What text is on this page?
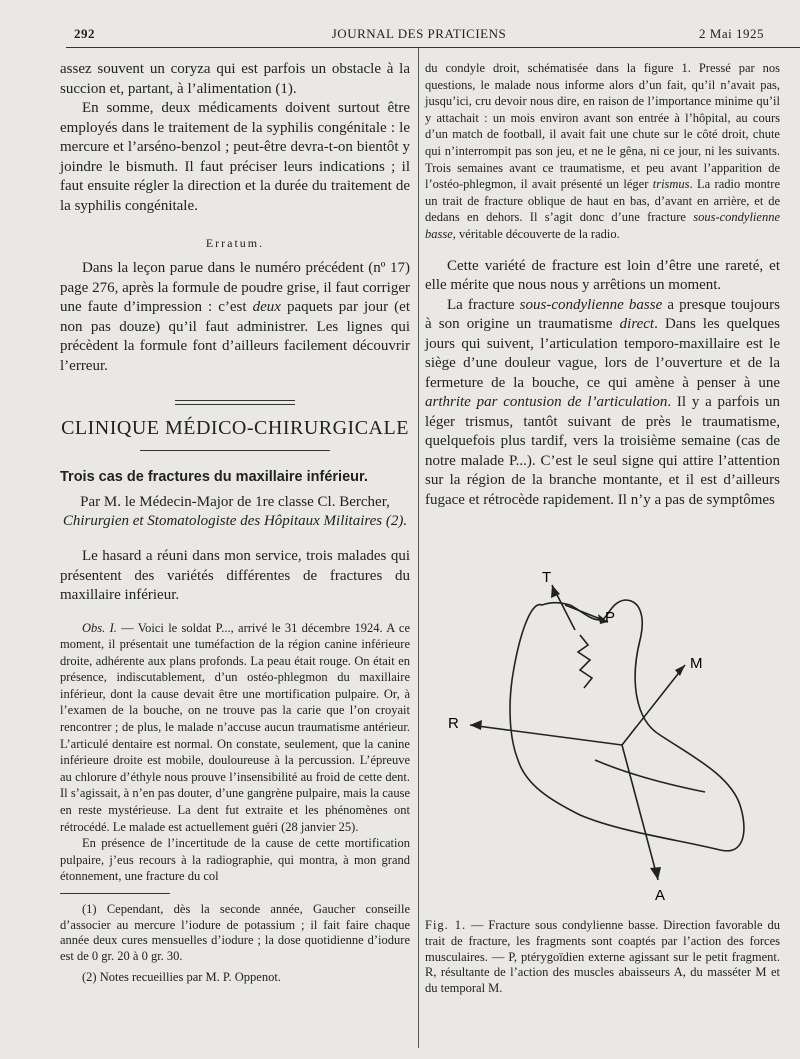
292	JOURNAL DES PRATICIENS	2 Mai 1925

assez souvent un coryza qui est parfois un obstacle à la succion et, partant, à l’alimentation (1).

En somme, deux médicaments doivent surtout être employés dans le traitement de la syphilis congénitale : le mercure et l’arséno-benzol ; peut-être devra-t-on bientôt y joindre le bismuth. Il faut préciser leurs indications ; il faut ensuite régler la direction et la durée du traitement de la syphilis congénitale.

Erratum.

Dans la leçon parue dans le numéro précédent (nº 17) page 276, après la formule de poudre grise, il faut corriger une faute d’impression : c’est deux paquets par jour (et non pas douze) qu’il faut administrer. Les lignes qui précèdent la formule font d’ailleurs facilement découvrir l’erreur.

CLINIQUE MÉDICO-CHIRURGICALE
Trois cas de fractures du maxillaire inférieur.
Par M. le Médecin-Major de 1re classe Cl. Bercher,
Chirurgien et Stomatologiste des Hôpitaux Militaires (2).

Le hasard a réuni dans mon service, trois malades qui présentent des variétés différentes de fractures du maxillaire inférieur.

Obs. I. — Voici le soldat P..., arrivé le 31 décembre 1924. A ce moment, il présentait une tuméfaction de la région canine inférieure droite, adhérente aux plans profonds. La peau était rouge. On était en présence, indiscutablement, d’un ostéo-phlegmon du maxillaire inférieur, dont la cause devait être une mortification pulpaire. Or, à l’examen de la bouche, on ne trouve pas la carie que l’on croyait rencontrer ; de plus, le malade n’accuse aucun traumatisme antérieur. L’articulé dentaire est normal. On constate, seulement, que la canine inférieure droite est mobile, douloureuse à la percussion. L’épreuve au chlorure d’éthyle nous prouve l’insensibilité au froid de cette dent. Il s’agissait, à n’en pas douter, d’une gangrène pulpaire, mais la cause en reste mystérieuse. La dent fut extraite et les phénomènes ont rétrocédé. Le malade est actuellement guéri (28 janvier 25).

En présence de l’incertitude de la cause de cette mortification pulpaire, j’eus recours à la radiographie, qui montra, à mon grand étonnement, une fracture du col

(1) Cependant, dès la seconde année, Gaucher conseille d’associer au mercure l’iodure de potassium ; il fait faire chaque année deux cures mensuelles d’iodure ; la dose quotidienne d’iodure est de 0 gr. 20 à 0 gr. 30.

(2) Notes recueillies par M. P. Oppenot.

du condyle droit, schématisée dans la figure 1. Pressé par nos questions, le malade nous informe alors d’un fait, qu’il n’avait pas, jusqu’ici, cru devoir nous dire, en raison de l’importance minime qu’il y attachait : un mois environ avant son entrée à l’hôpital, au cours d’un match de football, il avait fait une chute sur le côté droit, chute qui n’interrompit pas son jeu, et ne le gêna, ni ce jour, ni les suivants. Trois semaines avant ce traumatisme, et peu avant l’apparition de l’ostéo-phlegmon, il avait présenté un léger trismus. La radio montre un trait de fracture oblique de haut en bas, d’avant en arrière, et de dedans en dehors. Il s’agit donc d’une fracture sous-condylienne basse, véritable découverte de la radio.

Cette variété de fracture est loin d’être une rareté, et elle mérite que nous nous y arrêtions un moment.

La fracture sous-condylienne basse a presque toujours à son origine un traumatisme direct. Dans les quelques jours qui suivent, l’articulation temporo-maxillaire est le siège d’une douleur vague, lors de l’ouverture et de la fermeture de la bouche, ce qui amène à penser à une arthrite par contusion de l’articulation. Il y a parfois un léger trismus, tantôt suivant de près le traumatisme, quelquefois plus tardif, vers la troisième semaine (cas de notre malade P...). C’est le seul signe qui attire l’attention sur la région de la branche montante, et il est d’ailleurs fugace et rétrocède rapidement. Il n’y a pas de symptômes

T
P
M
R
A
Fig. 1. — Fracture sous condylienne basse. Direction favorable du trait de fracture, les fragments sont coaptés par l’action des forces musculaires. — P, ptérygoïdien externe agissant sur le petit fragment. R, résultante de l’action des muscles abaisseurs A, du masséter M et du temporal M.
